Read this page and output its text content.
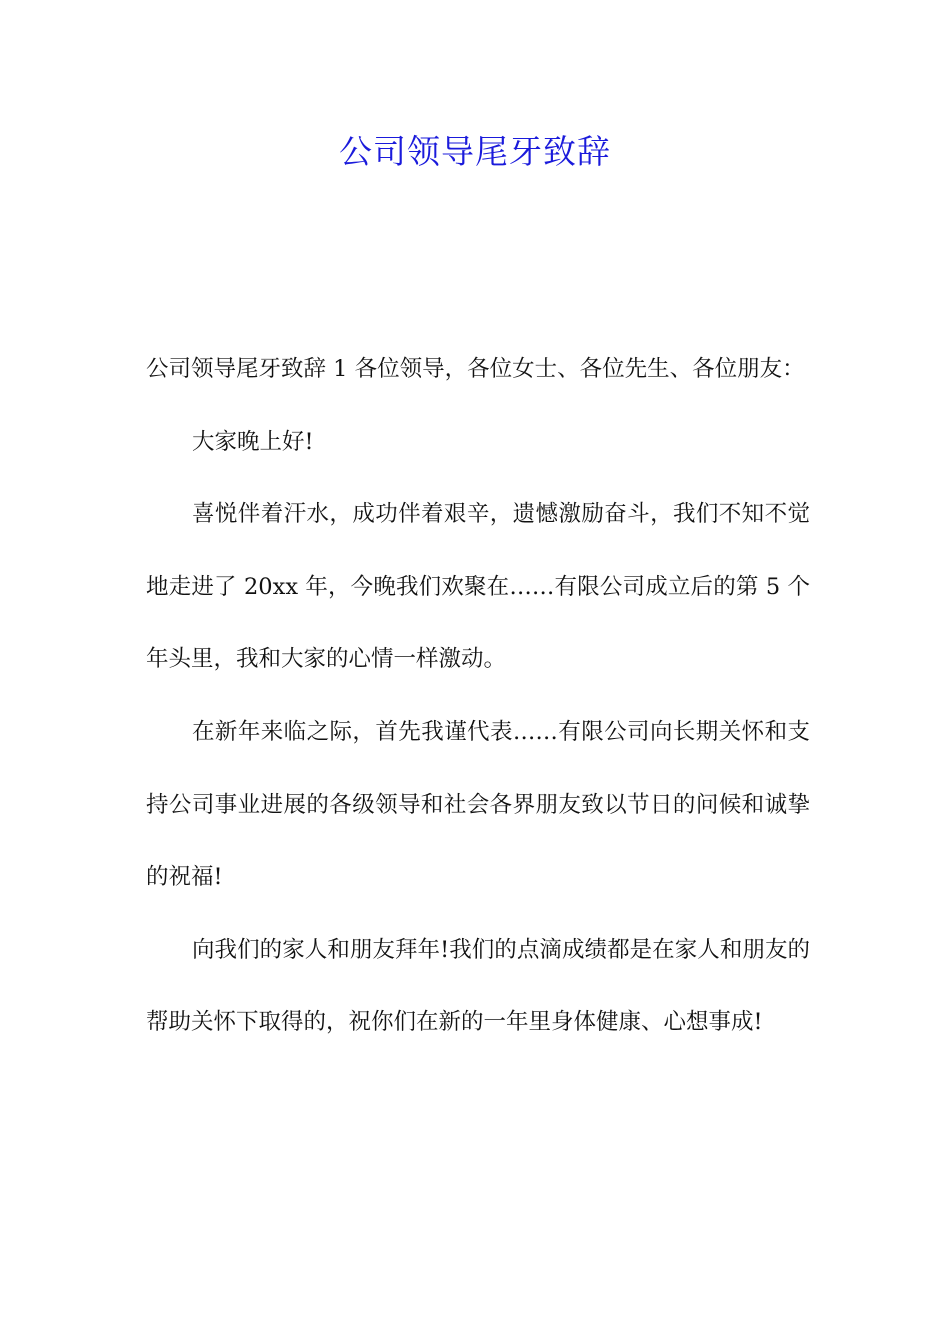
公司领导尾牙致辞

公司领导尾牙致辞 1 各位领导，各位女士、各位先生、各位朋友：

大家晚上好!

喜悦伴着汗水，成功伴着艰辛，遗憾激励奋斗，我们不知不觉地走进了 20xx 年，今晚我们欢聚在……有限公司成立后的第 5 个年头里，我和大家的心情一样激动。

在新年来临之际，首先我谨代表……有限公司向长期关怀和支持公司事业进展的各级领导和社会各界朋友致以节日的问候和诚挚的祝福!

向我们的家人和朋友拜年!我们的点滴成绩都是在家人和朋友的帮助关怀下取得的，祝你们在新的一年里身体健康、心想事成!
